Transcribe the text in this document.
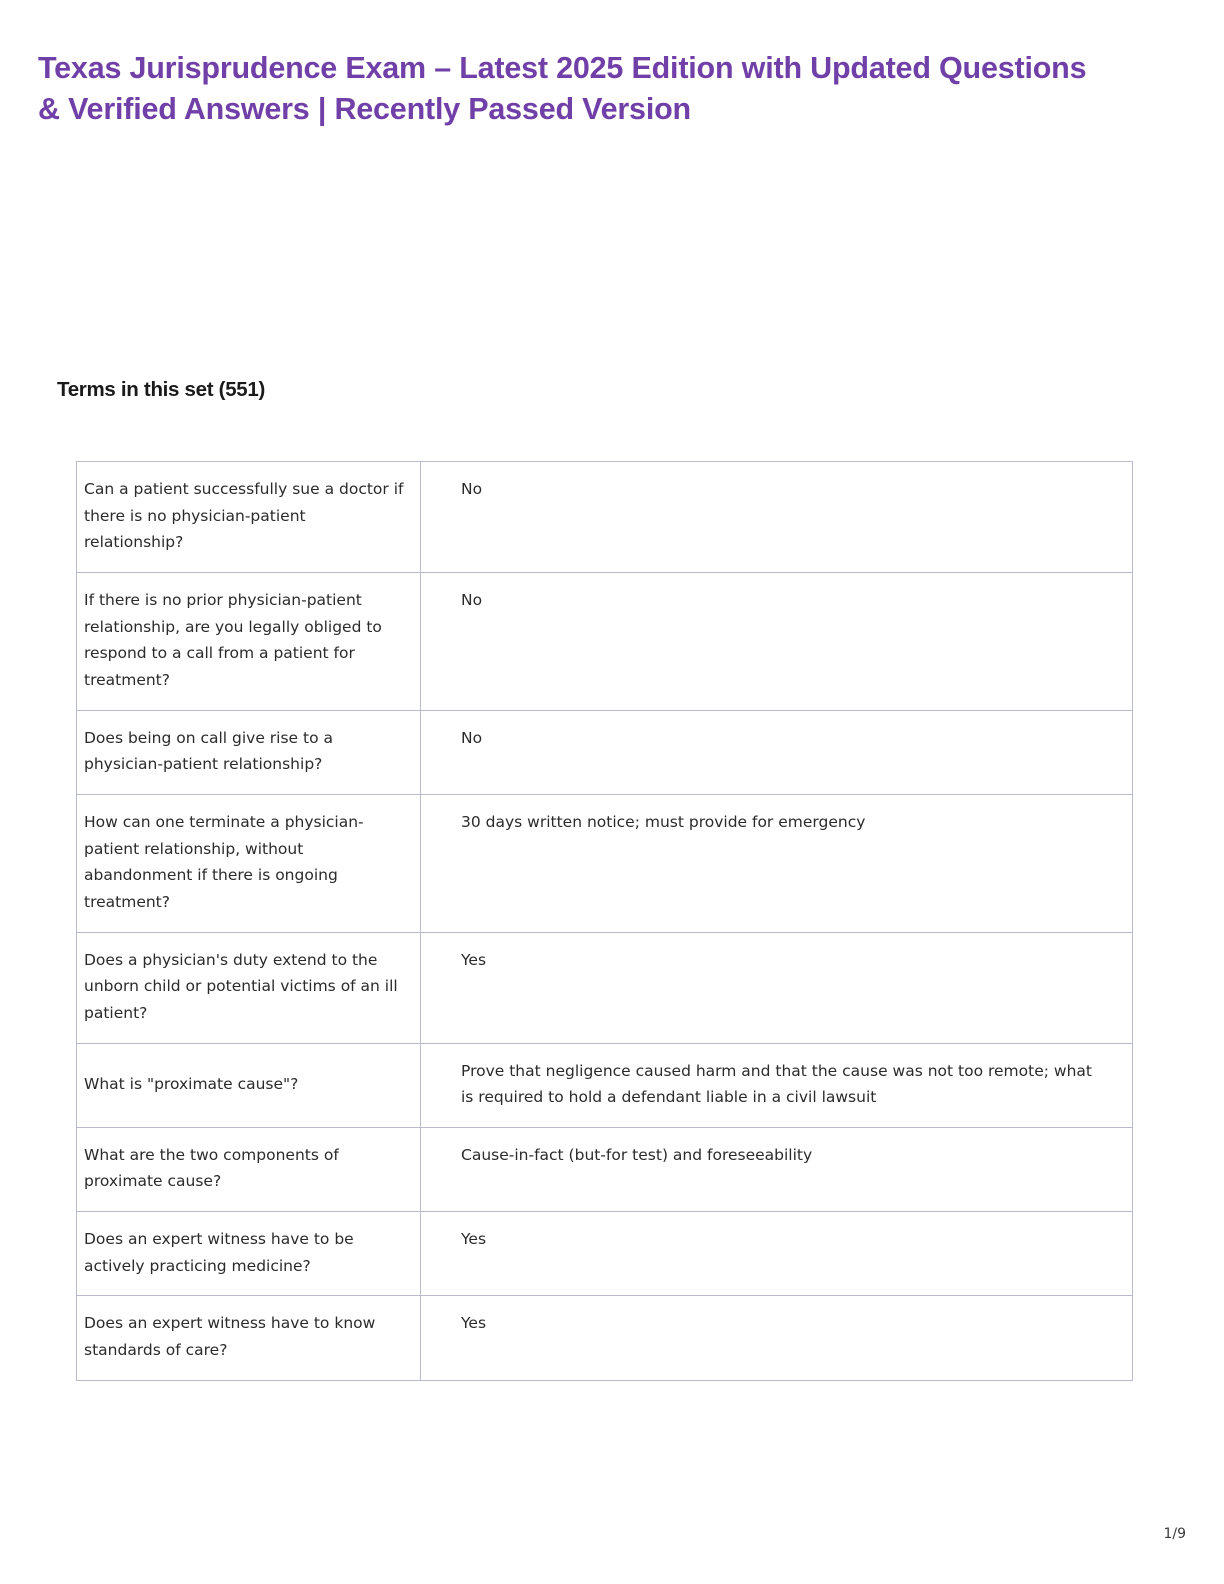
Texas Jurisprudence Exam – Latest 2025 Edition with Updated Questions & Verified Answers | Recently Passed Version
Terms in this set (551)
Can a patient successfully sue a doctor if there is no physician-patient relationship?	No
If there is no prior physician-patient relationship, are you legally obliged to respond to a call from a patient for treatment?	No
Does being on call give rise to a physician-patient relationship?	No
How can one terminate a physician-patient relationship, without abandonment if there is ongoing treatment?	30 days written notice; must provide for emergency
Does a physician's duty extend to the unborn child or potential victims of an ill patient?	Yes
What is "proximate cause"?	Prove that negligence caused harm and that the cause was not too remote; what is required to hold a defendant liable in a civil lawsuit
What are the two components of proximate cause?	Cause-in-fact (but-for test) and foreseeability
Does an expert witness have to be actively practicing medicine?	Yes
Does an expert witness have to know standards of care?	Yes
1/9
